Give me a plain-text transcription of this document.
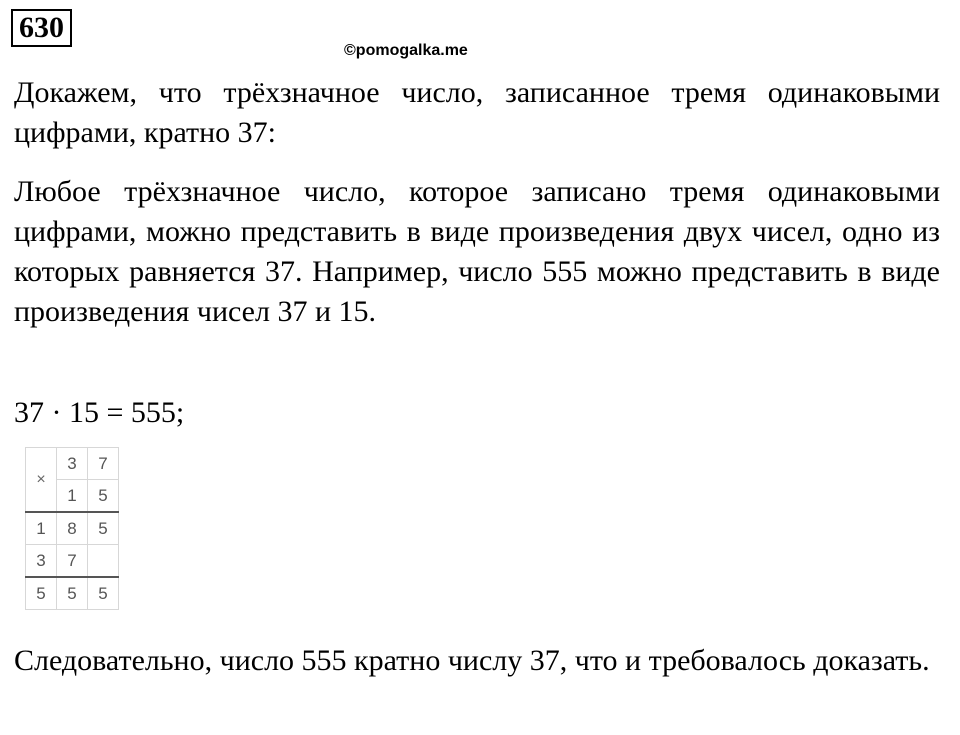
630
©pomogalka.me

Докажем, что трёхзначное число, записанное тремя одинаковыми цифрами, кратно 37:

Любое трёхзначное число, которое записано тремя одинаковыми цифрами, можно представить в виде произведения двух чисел, одно из которых равняется 37. Например, число 555 можно представить в виде произведения чисел 37 и 15.

37 · 15 = 555;

×	3	7
	1	5
1	8	5
3	7	
5	5	5

Следовательно, число 555 кратно числу 37, что и требовалось доказать.
